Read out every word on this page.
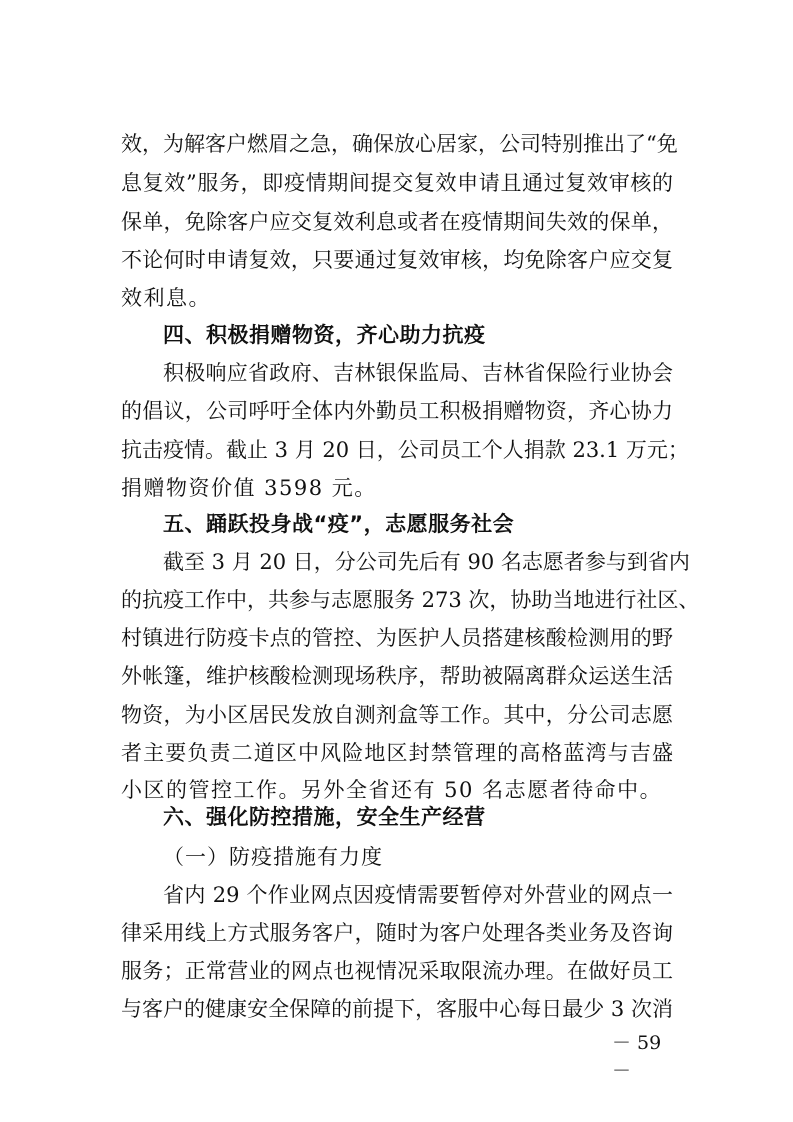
效，为解客户燃眉之急，确保放心居家，公司特别推出了“免
息复效”服务，即疫情期间提交复效申请且通过复效审核的
保单，免除客户应交复效利息或者在疫情期间失效的保单，
不论何时申请复效，只要通过复效审核，均免除客户应交复
效利息。
四、积极捐赠物资，齐心助力抗疫
积极响应省政府、吉林银保监局、吉林省保险行业协会
的倡议，公司呼吁全体内外勤员工积极捐赠物资，齐心协力
抗击疫情。截止 3 月 20 日，公司员工个人捐款 23.1 万元；
捐赠物资价值 3598 元。
五、踊跃投身战“疫”，志愿服务社会
截至 3 月 20 日，分公司先后有 90 名志愿者参与到省内
的抗疫工作中，共参与志愿服务 273 次，协助当地进行社区、
村镇进行防疫卡点的管控、为医护人员搭建核酸检测用的野
外帐篷，维护核酸检测现场秩序，帮助被隔离群众运送生活
物资，为小区居民发放自测剂盒等工作。其中，分公司志愿
者主要负责二道区中风险地区封禁管理的高格蓝湾与吉盛
小区的管控工作。另外全省还有 50 名志愿者待命中。
六、强化防控措施，安全生产经营
（一）防疫措施有力度
省内 29 个作业网点因疫情需要暂停对外营业的网点一
律采用线上方式服务客户，随时为客户处理各类业务及咨询
服务；正常营业的网点也视情况采取限流办理。在做好员工
与客户的健康安全保障的前提下，客服中心每日最少 3 次消
－ 59 －
